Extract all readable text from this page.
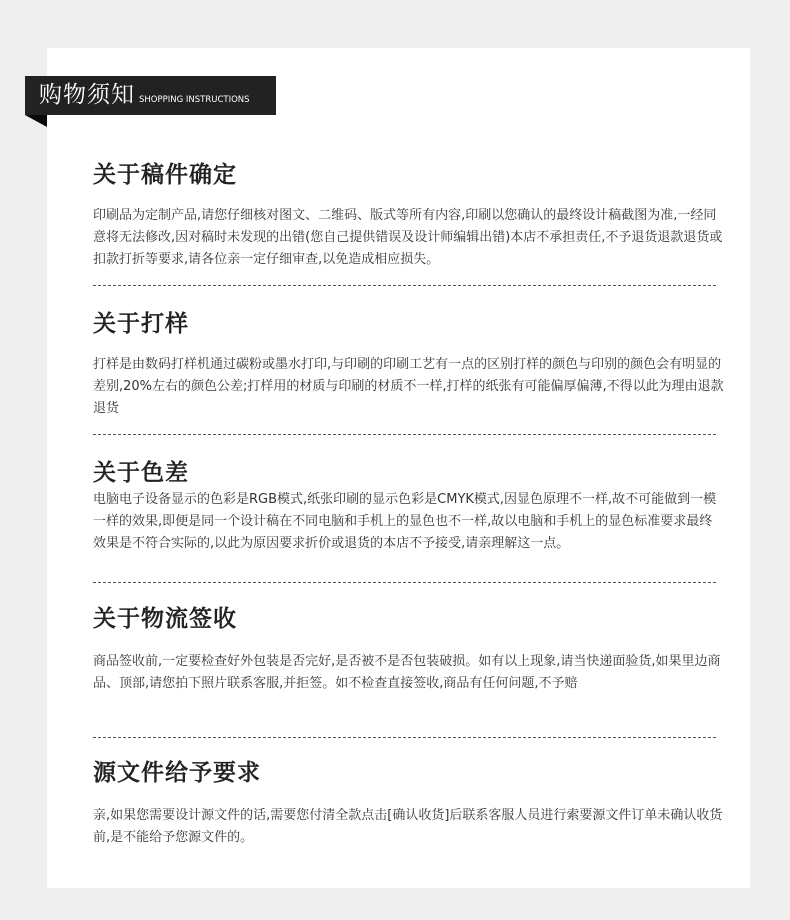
购物须知 SHOPPING INSTRUCTIONS
关于稿件确定

印刷品为定制产品,请您仔细核对图文、二维码、版式等所有内容,印刷以您确认的最终设计稿截图为准,一经同意将无法修改,因对稿时未发现的出错(您自己提供错误及设计师编辑出错)本店不承担责任,不予退货退款退货或扣款打折等要求,请各位亲一定仔细审查,以免造成相应损失。

关于打样

打样是由数码打样机通过碳粉或墨水打印,与印刷的印刷工艺有一点的区别打样的颜色与印别的颜色会有明显的差别,20%左右的颜色公差;打样用的材质与印刷的材质不一样,打样的纸张有可能偏厚偏薄,不得以此为理由退款退货

关于色差

电脑电子设备显示的色彩是RGB模式,纸张印刷的显示色彩是CMYK模式,因显色原理不一样,故不可能做到一模一样的效果,即便是同一个设计稿在不同电脑和手机上的显色也不一样,故以电脑和手机上的显色标准要求最终效果是不符合实际的,以此为原因要求折价或退货的本店不予接受,请亲理解这一点。

关于物流签收

商品签收前,一定要检查好外包装是否完好,是否被不是否包装破损。如有以上现象,请当快递面验货,如果里边商品、顶部,请您拍下照片联系客服,并拒签。如不检查直接签收,商品有任何问题,不予赔

源文件给予要求

亲,如果您需要设计源文件的话,需要您付清全款点击[确认收货]后联系客服人员进行索要源文件订单未确认收货前,是不能给予您源文件的。
